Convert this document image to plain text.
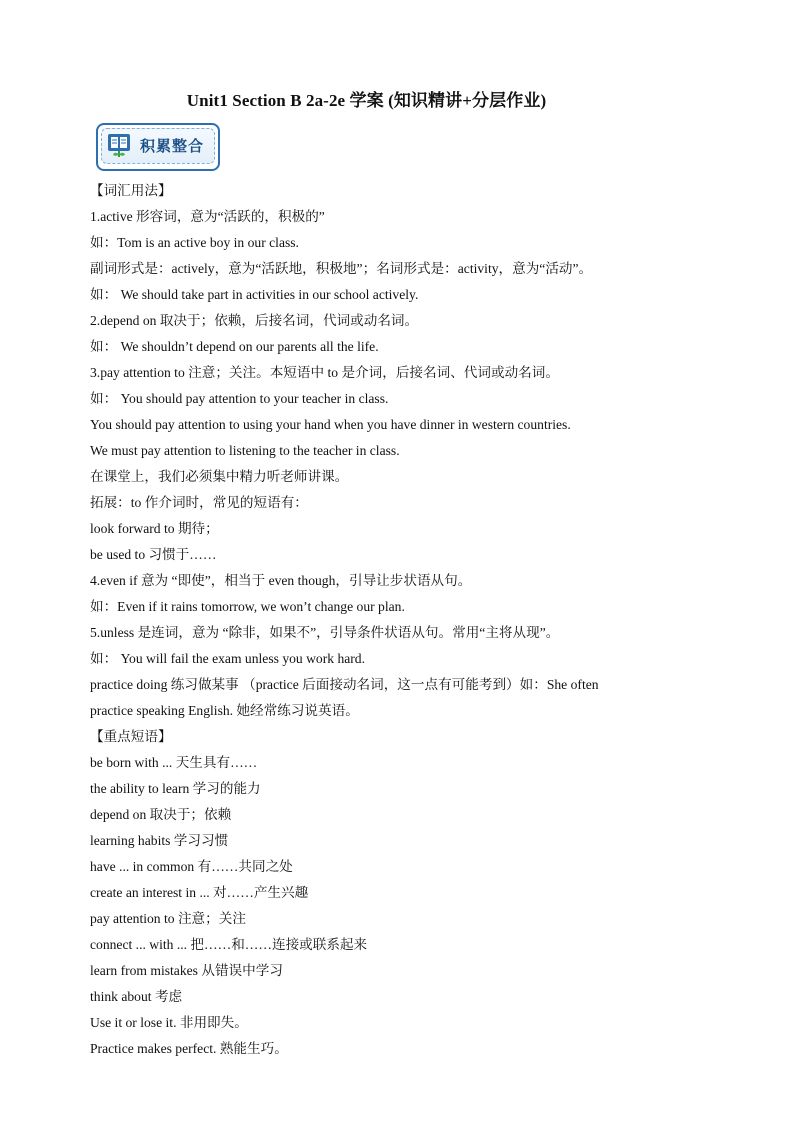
Unit1 Section B 2a-2e 学案 (知识精讲+分层作业)
积累整合
【词汇用法】
1.active 形容词，意为“活跃的，积极的”
如：Tom is an active boy in our class.
副词形式是：actively，意为“活跃地，积极地”；名词形式是：activity，意为“活动”。
如： We should take part in activities in our school actively.
2.depend on 取决于；依赖，后接名词，代词或动名词。
如： We shouldn’t depend on our parents all the life.
3.pay attention to 注意；关注。本短语中 to 是介词，后接名词、代词或动名词。
如： You should pay attention to your teacher in class.
You should pay attention to using your hand when you have dinner in western countries.
We must pay attention to listening to the teacher in class.
在课堂上，我们必须集中精力听老师讲课。
拓展：to 作介词时，常见的短语有：
look forward to 期待；
be used to 习惯于……
4.even if 意为 “即使”，相当于 even though，引导让步状语从句。
如：Even if it rains tomorrow, we won’t change our plan.
5.unless 是连词，意为 “除非，如果不”，引导条件状语从句。常用“主将从现”。
如： You will fail the exam unless you work hard.
practice doing 练习做某事 （practice 后面接动名词，这一点有可能考到）如：She often
practice speaking English. 她经常练习说英语。
【重点短语】
be born with ... 天生具有……
the ability to learn 学习的能力
depend on 取决于；依赖
learning habits 学习习惯
have ... in common 有……共同之处
create an interest in ... 对……产生兴趣
pay attention to 注意；关注
connect ... with ... 把……和……连接或联系起来
learn from mistakes 从错误中学习
think about 考虑
Use it or lose it. 非用即失。
Practice makes perfect. 熟能生巧。
